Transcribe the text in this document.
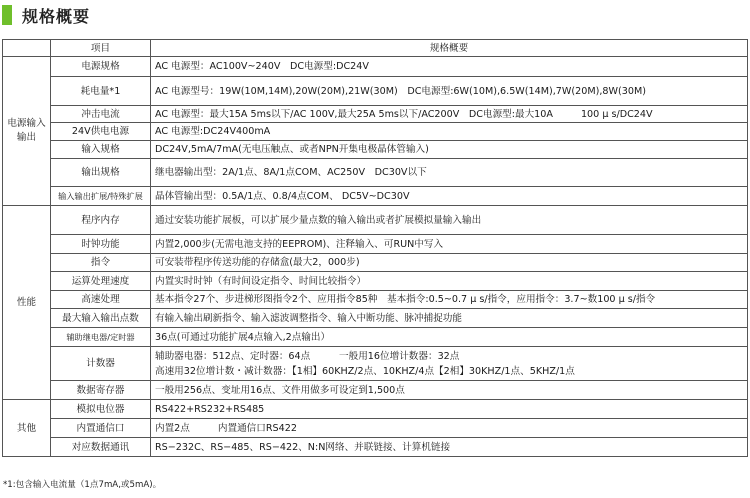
规格概要
	项目	规格概要
电源输入输出	电源规格	AC 电源型：AC100V~240V　DC电源型:DC24V
	耗电量*1	AC 电源型号：19W(10M,14M),20W(20M),21W(30M)　DC电源型:6W(10M),6.5W(14M),7W(20M),8W(30M)
	冲击电流	AC 电源型：最大15A 5ms以下/AC 100V,最大25A 5ms以下/AC200V　DC电源型:最大10A 100 μ s/DC24V
	24V供电电源	AC 电源型:DC24V400mA
	输入规格	DC24V,5mA/7mA(无电压触点、或者NPN开集电极晶体管输入)
	输出规格	继电器输出型：2A/1点、8A/1点COM、AC250V　DC30V以下
	输入输出扩展/特殊扩展	晶体管输出型：0.5A/1点、0.8/4点COM、 DC5V~DC30V
性能	程序内存	通过安装功能扩展板，可以扩展少量点数的输入输出或者扩展模拟量输入输出
	时钟功能	内置2,000步(无需电池支持的EEPROM)、注释输入、可RUN中写入
	指令	可安装带程序传送功能的存储盒(最大2，000步)
	运算处理速度	内置实时时钟（有时间设定指令、时间比较指令）
	高速处理	基本指令27个、步进梯形图指令2个、应用指令85种　基本指令:0.5~0.7 μ s/指令，应用指令：3.7~数100 μ s/指令
	最大输入输出点数	有输入输出刷新指令、输入滤波调整指令、输入中断功能、脉冲捕捉功能
	辅助继电器/定时器	36点(可通过功能扩展4点输入,2点输出）
	计数器	辅助器电器：512点、定时器：64点　　　一般用16位增计数器：32点
高速用32位增计数・减计数器：【1相】60KHZ/2点、10KHZ/4点【2相】30KHZ/1点、5KHZ/1点

	数据寄存器	一般用256点、变址用16点、文件用做多可设定到1,500点
其他	模拟电位器	RS422+RS232+RS485
	内置通信口	内置2点 内置通信口RS422
	对应数据通讯	RS−232C、RS−485、RS−422、N:N网络、并联链接、计算机链接
*1:包含输入电流量（1点7mA,或5mA)。
